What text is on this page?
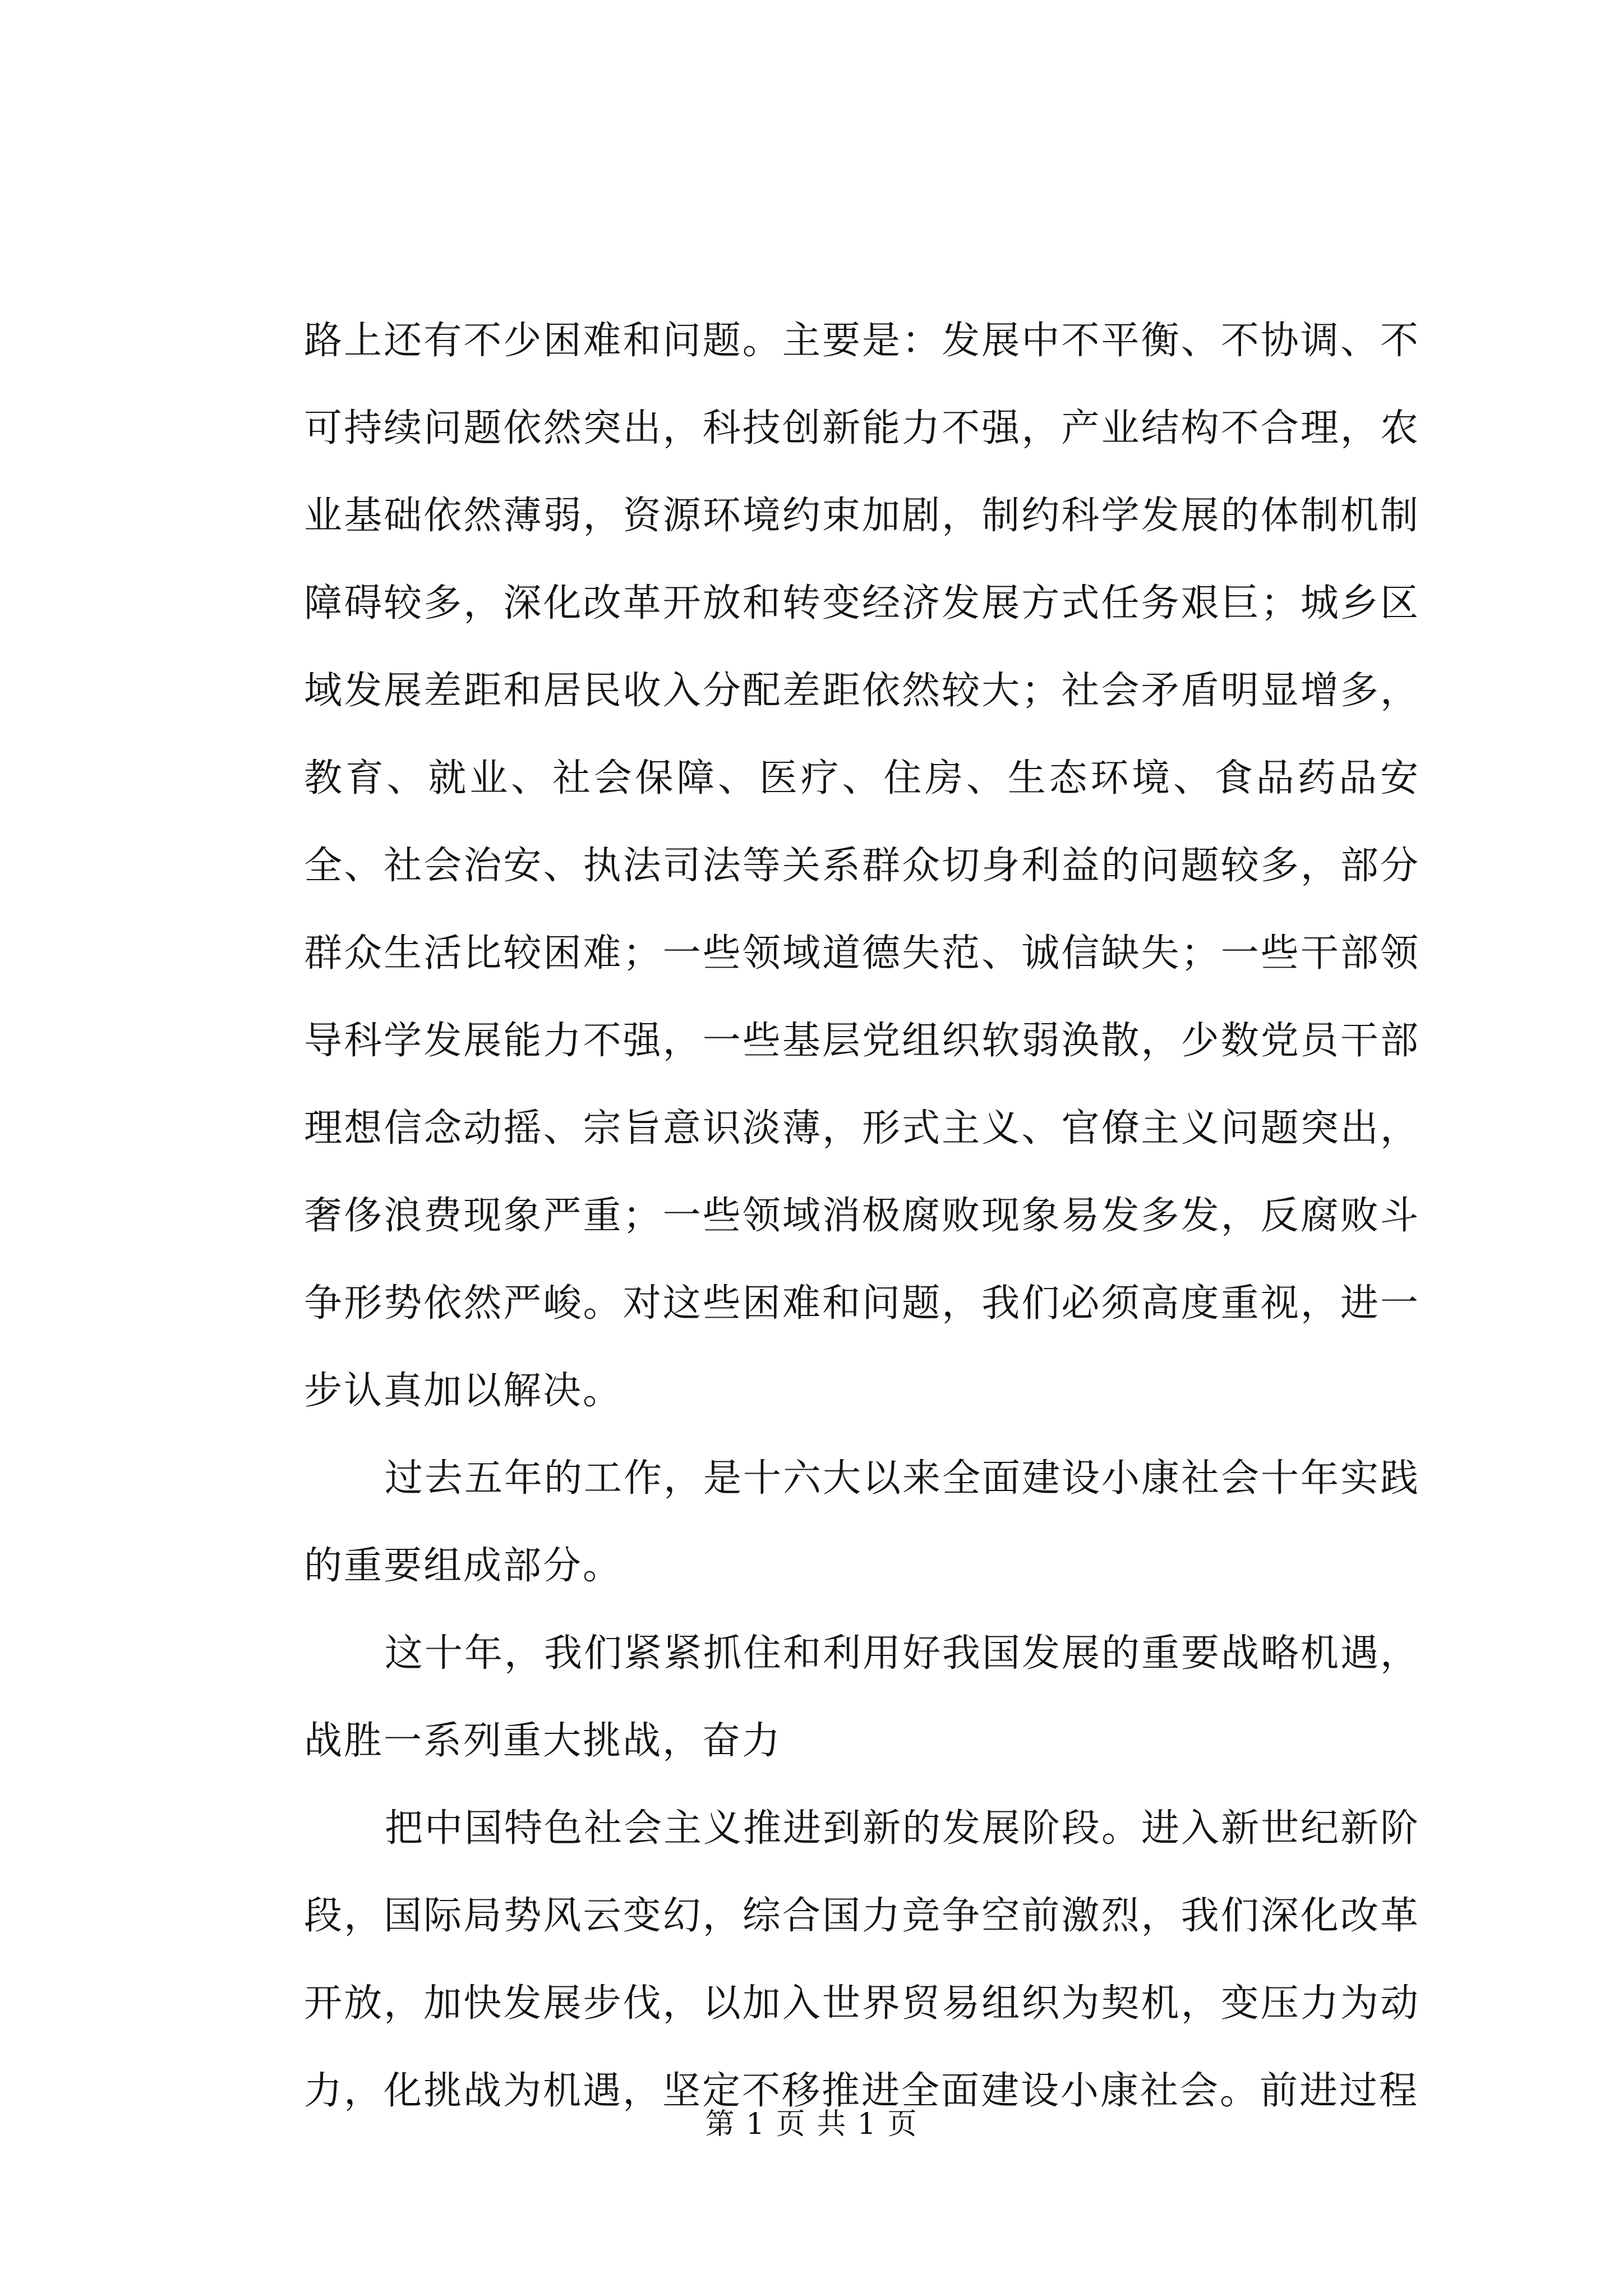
路上还有不少困难和问题。主要是：发展中不平衡、不协调、不可持续问题依然突出，科技创新能力不强，产业结构不合理，农业基础依然薄弱，资源环境约束加剧，制约科学发展的体制机制障碍较多，深化改革开放和转变经济发展方式任务艰巨；城乡区域发展差距和居民收入分配差距依然较大；社会矛盾明显增多，教育、就业、社会保障、医疗、住房、生态环境、食品药品安全、社会治安、执法司法等关系群众切身利益的问题较多，部分群众生活比较困难；一些领域道德失范、诚信缺失；一些干部领导科学发展能力不强，一些基层党组织软弱涣散，少数党员干部理想信念动摇、宗旨意识淡薄，形式主义、官僚主义问题突出，奢侈浪费现象严重；一些领域消极腐败现象易发多发，反腐败斗争形势依然严峻。对这些困难和问题，我们必须高度重视，进一步认真加以解决。

过去五年的工作，是十六大以来全面建设小康社会十年实践的重要组成部分。

这十年，我们紧紧抓住和利用好我国发展的重要战略机遇，战胜一系列重大挑战，奋力

把中国特色社会主义推进到新的发展阶段。进入新世纪新阶段，国际局势风云变幻，综合国力竞争空前激烈，我们深化改革开放，加快发展步伐，以加入世界贸易组织为契机，变压力为动力，化挑战为机遇，坚定不移推进全面建设小康社会。前进过程

第 1 页 共 1 页
